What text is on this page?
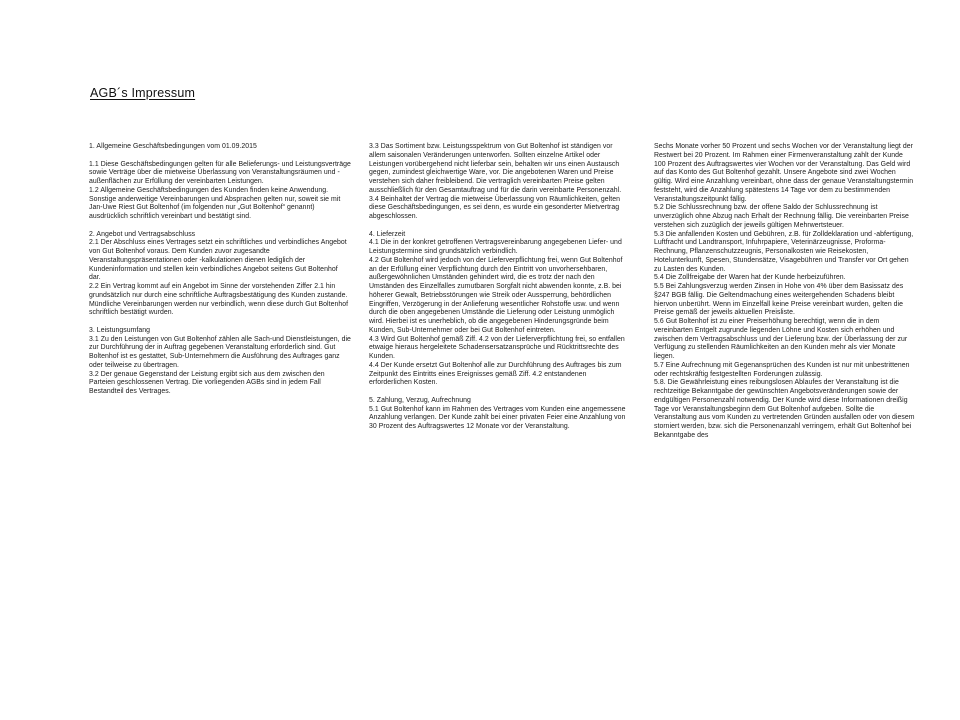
AGB´s Impressum

1. Allgemeine Geschäftsbedingungen vom 01.09.2015

1.1 Diese Geschäftsbedingungen gelten für alle Belieferungs- und Leistungsverträge sowie Verträge über die mietweise Überlassung von Veranstaltungsräumen und -außenflächen zur Erfüllung der vereinbarten Leistungen.

1.2 Allgemeine Geschäftsbedingungen des Kunden finden keine Anwendung. Sonstige anderweitige Vereinbarungen und Absprachen gelten nur, soweit sie mit Jan-Uwe Riest Gut Boltenhof (im folgenden nur „Gut Boltenhof“ genannt) ausdrücklich schriftlich vereinbart und bestätigt sind.

2. Angebot und Vertragsabschluss

2.1 Der Abschluss eines Vertrages setzt ein schriftliches und verbindliches Angebot von Gut Boltenhof voraus. Dem Kunden zuvor zugesandte Veranstaltungspräsentationen oder -kalkulationen dienen lediglich der Kundeninformation und stellen kein verbindliches Angebot seitens Gut Boltenhof dar.

2.2 Ein Vertrag kommt auf ein Angebot im Sinne der vorstehenden Ziffer 2.1 hin grundsätzlich nur durch eine schriftliche Auftragsbestätigung des Kunden zustande. Mündliche Vereinbarungen werden nur verbindlich, wenn diese durch Gut Boltenhof schriftlich bestätigt wurden.

3. Leistungsumfang

3.1 Zu den Leistungen von Gut Boltenhof zählen alle Sach-und Dienstleistungen, die zur Durchführung der in Auftrag gegebenen Veranstaltung erforderlich sind. Gut Boltenhof ist es gestattet, Sub-Unternehmern die Ausführung des Auftrages ganz oder teilweise zu übertragen.

3.2 Der genaue Gegenstand der Leistung ergibt sich aus dem zwischen den Parteien geschlossenen Vertrag. Die vorliegenden AGBs sind in jedem Fall Bestandteil des Vertrages.

3.3 Das Sortiment bzw. Leistungsspektrum von Gut Boltenhof ist ständigen vor allem saisonalen Veränderungen unterworfen. Sollten einzelne Artikel oder Leistungen vorübergehend nicht lieferbar sein, behalten wir uns einen Austausch gegen, zumindest gleichwertige Ware, vor. Die angebotenen Waren und Preise verstehen sich daher freibleibend. Die vertraglich vereinbarten Preise gelten ausschließlich für den Gesamtauftrag und für die darin vereinbarte Personenzahl.

3.4 Beinhaltet der Vertrag die mietweise Überlassung von Räumlichkeiten, gelten diese Geschäftsbedingungen, es sei denn, es wurde ein gesonderter Mietvertrag abgeschlossen.

4. Lieferzeit

4.1 Die in der konkret getroffenen Vertragsvereinbarung angegebenen Liefer- und Leistungstermine sind grundsätzlich verbindlich.

4.2 Gut Boltenhof wird jedoch von der Lieferverpflichtung frei, wenn Gut Boltenhof an der Erfüllung einer Verpflichtung durch den Eintritt von unvorhersehbaren, außergewöhnlichen Umständen gehindert wird, die es trotz der nach den Umständen des Einzelfalles zumutbaren Sorgfalt nicht abwenden konnte, z.B. bei höherer Gewalt, Betriebsstörungen wie Streik oder Aussperrung, behördlichen Eingriffen, Verzögerung in der Anlieferung wesentlicher Rohstoffe usw. und wenn durch die oben angegebenen Umstände die Lieferung oder Leistung unmöglich wird. Hierbei ist es unerheblich, ob die angegebenen Hinderungsgründe beim Kunden, Sub-Unternehmer oder bei Gut Boltenhof eintreten.

4.3 Wird Gut Boltenhof gemäß Ziff. 4.2 von der Lieferverpflichtung frei, so entfallen etwaige hieraus hergeleitete Schadensersatzansprüche und Rücktrittsrechte des Kunden.

4.4 Der Kunde ersetzt Gut Boltenhof alle zur Durchführung des Auftrages bis zum Zeitpunkt des Eintritts eines Ereignisses gemäß Ziff. 4.2 entstandenen erforderlichen Kosten.

5. Zahlung, Verzug, Aufrechnung

5.1 Gut Boltenhof kann im Rahmen des Vertrages vom Kunden eine angemessene Anzahlung verlangen. Der Kunde zahlt bei einer privaten Feier eine Anzahlung von 30 Prozent des Auftragswertes 12 Monate vor der Veranstaltung.

Sechs Monate vorher 50 Prozent und sechs Wochen vor der Veranstaltung liegt der Restwert bei 20 Prozent. Im Rahmen einer Firmenveranstaltung zahlt der Kunde 100 Prozent des Auftragswertes vier Wochen vor der Veranstaltung. Das Geld wird auf das Konto des Gut Boltenhof gezahlt. Unsere Angebote sind zwei Wochen gültig. Wird eine Anzahlung vereinbart, ohne dass der genaue Veranstaltungstermin feststeht, wird die Anzahlung spätestens 14 Tage vor dem zu bestimmenden Veranstaltungszeitpunkt fällig.

5.2 Die Schlussrechnung bzw. der offene Saldo der Schlussrechnung ist unverzüglich ohne Abzug nach Erhalt der Rechnung fällig. Die vereinbarten Preise verstehen sich zuzüglich der jeweils gültigen Mehrwertsteuer.

5.3 Die anfallenden Kosten und Gebühren, z.B. für Zolldeklaration und -abfertigung, Luftfracht und Landtransport, Infuhrpapiere, Veterinärzeugnisse, Proforma-Rechnung, Pflanzenschutzzeugnis, Personalkosten wie Reisekosten, Hotelunterkunft, Spesen, Stundensätze, Visagebühren und Transfer vor Ort gehen zu Lasten des Kunden.

5.4 Die Zollfreigabe der Waren hat der Kunde herbeizuführen.

5.5 Bei Zahlungsverzug werden Zinsen in Hohe von 4% über dem Basissatz des §247 BGB fällig. Die Geltendmachung eines weitergehenden Schadens bleibt hiervon unberührt. Wenn im Einzelfall keine Preise vereinbart wurden, gelten die Preise gemäß der jeweils aktuellen Preisliste.

5.6 Gut Boltenhof ist zu einer Preiserhöhung berechtigt, wenn die in dem vereinbarten Entgelt zugrunde liegenden Löhne und Kosten sich erhöhen und zwischen dem Vertragsabschluss und der Lieferung bzw. der Überlassung der zur Verfügung zu stellenden Räumlichkeiten an den Kunden mehr als vier Monate liegen.

5.7 Eine Aufrechnung mit Gegenansprüchen des Kunden ist nur mit unbestrittenen oder rechtskräftig festgestellten Forderungen zulässig.

5.8. Die Gewährleistung eines reibungslosen Ablaufes der Veranstaltung ist die rechtzeitige Bekanntgabe der gewünschten Angebotsveränderungen sowie der endgültigen Personenzahl notwendig. Der Kunde wird diese Informationen dreißig Tage vor Veranstaltungsbeginn dem Gut Boltenhof aufgeben. Sollte die Veranstaltung aus vom Kunden zu vertretenden Gründen ausfallen oder von diesem storniert werden, bzw. sich die Personenanzahl verringern, erhält Gut Boltenhof bei Bekanntgabe des
